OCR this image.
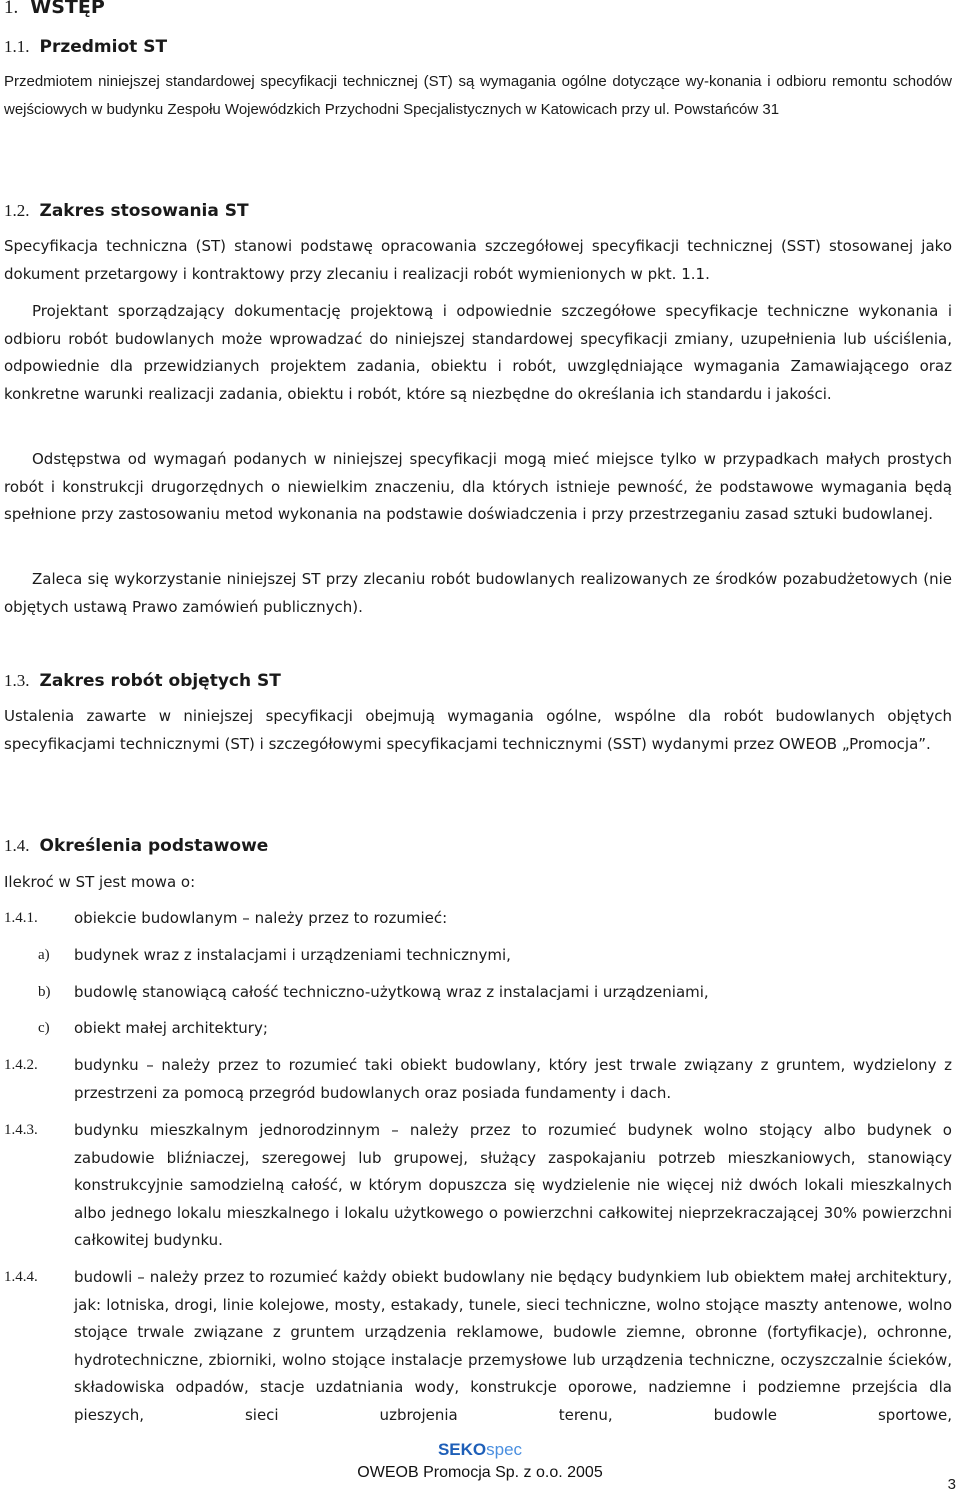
1. WSTĘP
1.1. Przedmiot ST
Przedmiotem niniejszej standardowej specyfikacji technicznej (ST) są wymagania ogólne dotyczące wy-konania i odbioru remontu schodów wejściowych w budynku Zespołu Wojewódzkich Przychodni Specjalistycznych w Katowicach przy ul. Powstańców 31
1.2. Zakres stosowania ST
Specyfikacja techniczna (ST) stanowi podstawę opracowania szczegółowej specyfikacji technicznej (SST) stosowanej jako dokument przetargowy i kontraktowy przy zlecaniu i realizacji robót wymienionych w pkt. 1.1.
Projektant sporządzający dokumentację projektową i odpowiednie szczegółowe specyfikacje techniczne wykonania i odbioru robót budowlanych może wprowadzać do niniejszej standardowej specyfikacji zmiany, uzupełnienia lub uściślenia, odpowiednie dla przewidzianych projektem zadania, obiektu i robót, uwzględniające wymagania Zamawiającego oraz konkretne warunki realizacji zadania, obiektu i robót, które są niezbędne do określania ich standardu i jakości.
Odstępstwa od wymagań podanych w niniejszej specyfikacji mogą mieć miejsce tylko w przypadkach małych prostych robót i konstrukcji drugorzędnych o niewielkim znaczeniu, dla których istnieje pewność, że podstawowe wymagania będą spełnione przy zastosowaniu metod wykonania na podstawie doświadczenia i przy przestrzeganiu zasad sztuki budowlanej.
Zaleca się wykorzystanie niniejszej ST przy zlecaniu robót budowlanych realizowanych ze środków pozabudżetowych (nie objętych ustawą Prawo zamówień publicznych).
1.3. Zakres robót objętych ST
Ustalenia zawarte w niniejszej specyfikacji obejmują wymagania ogólne, wspólne dla robót budowlanych objętych specyfikacjami technicznymi (ST) i szczegółowymi specyfikacjami technicznymi (SST) wydanymi przez OWEOB „Promocja”.
1.4. Określenia podstawowe
Ilekroć w ST jest mowa o:
1.4.1. obiekcie budowlanym – należy przez to rozumieć:
a) budynek wraz z instalacjami i urządzeniami technicznymi,
b) budowlę stanowiącą całość techniczno-użytkową wraz z instalacjami i urządzeniami,
c) obiekt małej architektury;
1.4.2. budynku – należy przez to rozumieć taki obiekt budowlany, który jest trwale związany z gruntem, wydzielony z przestrzeni za pomocą przegród budowlanych oraz posiada fundamenty i dach.
1.4.3. budynku mieszkalnym jednorodzinnym – należy przez to rozumieć budynek wolno stojący albo budynek o zabudowie bliźniaczej, szeregowej lub grupowej, służący zaspokajaniu potrzeb mieszkaniowych, stanowiący konstrukcyjnie samodzielną całość, w którym dopuszcza się wydzielenie nie więcej niż dwóch lokali mieszkalnych albo jednego lokalu mieszkalnego i lokalu użytkowego o powierzchni całkowitej nieprzekraczającej 30% powierzchni całkowitej budynku.
1.4.4. budowli – należy przez to rozumieć każdy obiekt budowlany nie będący budynkiem lub obiektem małej architektury, jak: lotniska, drogi, linie kolejowe, mosty, estakady, tunele, sieci techniczne, wolno stojące maszty antenowe, wolno stojące trwale związane z gruntem urządzenia reklamowe, budowle ziemne, obronne (fortyfikacje), ochronne, hydrotechniczne, zbiorniki, wolno stojące instalacje przemysłowe lub urządzenia techniczne, oczyszczalnie ścieków, składowiska odpadów, stacje uzdatniania wody, konstrukcje oporowe, nadziemne i podziemne przejścia dla pieszych, sieci uzbrojenia terenu, budowle sportowe,
SEKOspec
OWEOB Promocja Sp. z o.o. 2005
3
